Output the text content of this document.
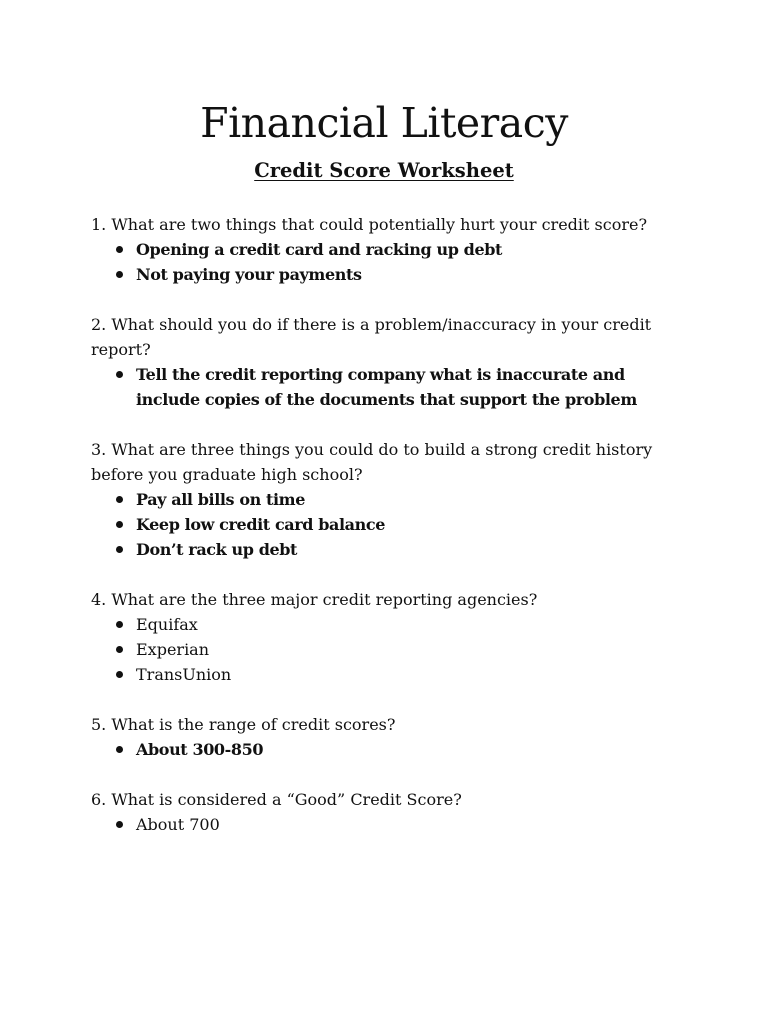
Financial Literacy
Credit Score Worksheet

1. What are two things that could potentially hurt your credit score?

Opening a credit card and racking up debt
Not paying your payments

2. What should you do if there is a problem/inaccuracy in your credit report?

Tell the credit reporting company what is inaccurate and include copies of the documents that support the problem

3. What are three things you could do to build a strong credit history before you graduate high school?

Pay all bills on time
Keep low credit card balance
Don’t rack up debt

4. What are the three major credit reporting agencies?

Equifax
Experian
TransUnion

5. What is the range of credit scores?

About 300-850

6. What is considered a “Good” Credit Score?

About 700
